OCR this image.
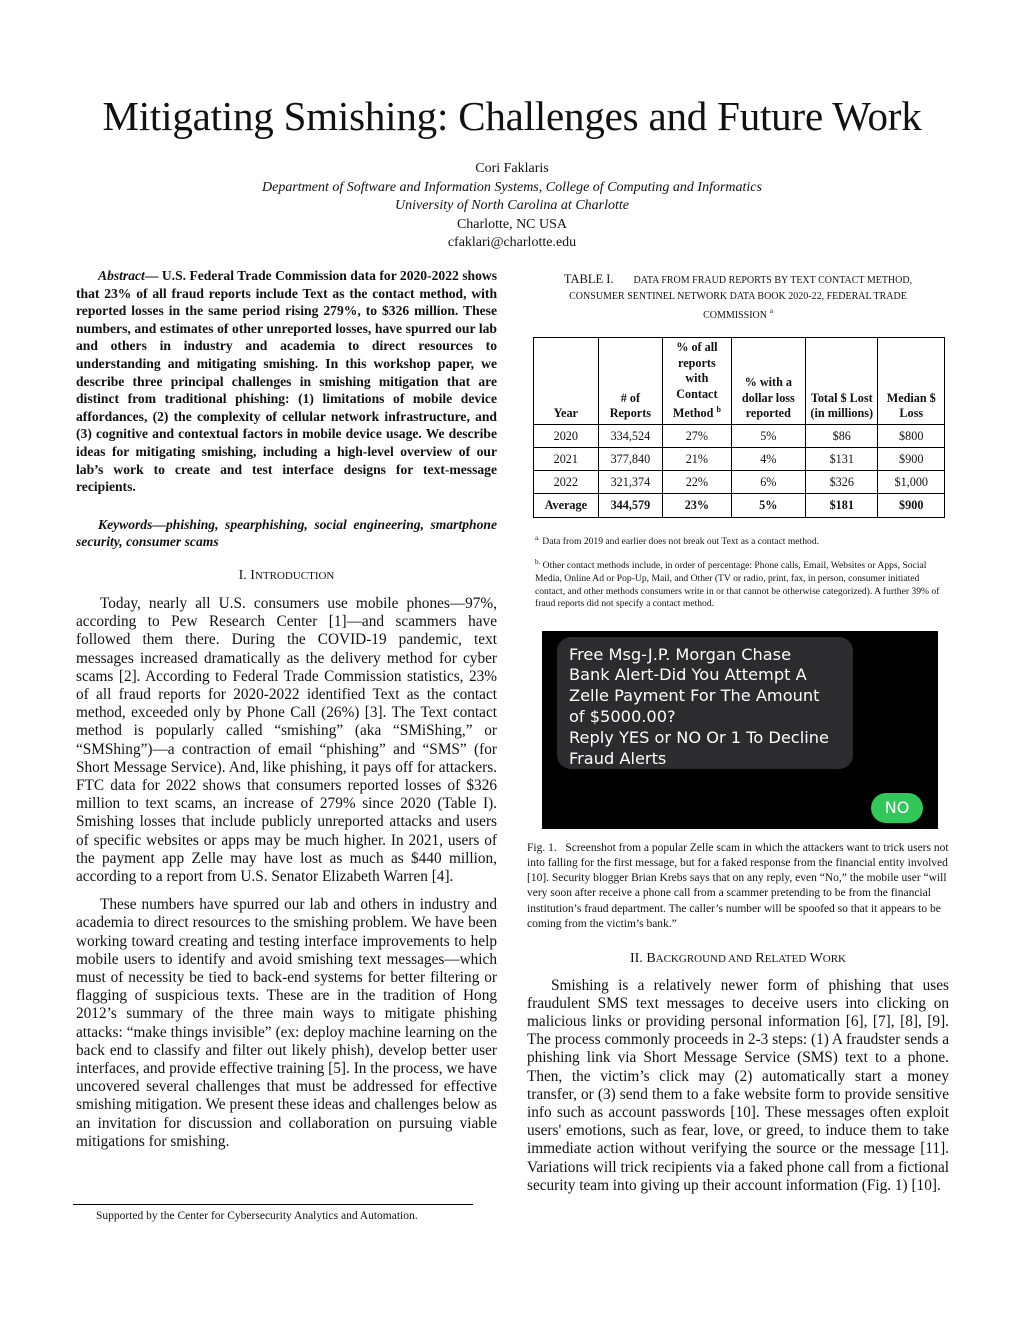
Mitigating Smishing: Challenges and Future Work
Cori Faklaris
Department of Software and Information Systems, College of Computing and Informatics
University of North Carolina at Charlotte
Charlotte, NC USA
cfaklari@charlotte.edu

Abstract— U.S. Federal Trade Commission data for 2020-2022 shows that 23% of all fraud reports include Text as the contact method, with reported losses in the same period rising 279%, to $326 million. These numbers, and estimates of other unreported losses, have spurred our lab and others in industry and academia to direct resources to understanding and mitigating smishing. In this workshop paper, we describe three principal challenges in smishing mitigation that are distinct from traditional phishing: (1) limitations of mobile device affordances, (2) the complexity of cellular network infrastructure, and (3) cognitive and contextual factors in mobile device usage. We describe ideas for mitigating smishing, including a high-level overview of our lab’s work to create and test interface designs for text-message recipients.

Keywords—phishing, spearphishing, social engineering, smartphone security, consumer scams

I. INTRODUCTION

Today, nearly all U.S. consumers use mobile phones—97%, according to Pew Research Center [1]—and scammers have followed them there. During the COVID-19 pandemic, text messages increased dramatically as the delivery method for cyber scams [2]. According to Federal Trade Commission statistics, 23% of all fraud reports for 2020-2022 identified Text as the contact method, exceeded only by Phone Call (26%) [3]. The Text contact method is popularly called “smishing” (aka “SMiShing,” or “SMShing”)—a contraction of email “phishing” and “SMS” (for Short Message Service). And, like phishing, it pays off for attackers. FTC data for 2022 shows that consumers reported losses of $326 million to text scams, an increase of 279% since 2020 (Table I). Smishing losses that include publicly unreported attacks and users of specific websites or apps may be much higher. In 2021, users of the payment app Zelle may have lost as much as $440 million, according to a report from U.S. Senator Elizabeth Warren [4].

These numbers have spurred our lab and others in industry and academia to direct resources to the smishing problem. We have been working toward creating and testing interface improvements to help mobile users to identify and avoid smishing text messages—which must of necessity be tied to back-end systems for better filtering or flagging of suspicious texts. These are in the tradition of Hong 2012’s summary of the three main ways to mitigate phishing attacks: “make things invisible” (ex: deploy machine learning on the back end to classify and filter out likely phish), develop better user interfaces, and provide effective training [5]. In the process, we have uncovered several challenges that must be addressed for effective smishing mitigation. We present these ideas and challenges below as an invitation for discussion and collaboration on pursuing viable mitigations for smishing.

Supported by the Center for Cybersecurity Analytics and Automation.

TABLE I. DATA FROM FRAUD REPORTS BY TEXT CONTACT METHOD,
CONSUMER SENTINEL NETWORK DATA BOOK 2020-22, FEDERAL TRADE
COMMISSION $^a$

Year	# of Reports	% of all reports with Contact Method $^b$	% with a dollar loss reported	Total $ Lost (in millions)	Median $ Loss
2020	334,524	27%	5%	$86	$800
2021	377,840	21%	4%	$131	$900
2022	321,374	22%	6%	$326	$1,000
Average	344,579	23%	5%	$181	$900

$^{a.}$ Data from 2019 and earlier does not break out Text as a contact method.

$^{b.}$ Other contact methods include, in order of percentage: Phone calls, Email, Websites or Apps, Social Media, Online Ad or Pop-Up, Mail, and Other (TV or radio, print, fax, in person, consumer initiated contact, and other methods consumers write in or that cannot be otherwise categorized). A further 39% of fraud reports did not specify a contact method.

Free Msg-J.P. Morgan Chase
Bank Alert-Did You Attempt A
Zelle Payment For The Amount
of $5000.00?
Reply YES or NO Or 1 To Decline
Fraud Alerts
NO

Fig. 1. Screenshot from a popular Zelle scam in which the attackers want to trick users not into falling for the first message, but for a faked response from the financial entity involved [10]. Security blogger Brian Krebs says that on any reply, even “No,” the mobile user “will very soon after receive a phone call from a scammer pretending to be from the financial institution’s fraud department. The caller’s number will be spoofed so that it appears to be coming from the victim’s bank.”

II. BACKGROUND AND RELATED WORK

Smishing is a relatively newer form of phishing that uses fraudulent SMS text messages to deceive users into clicking on malicious links or providing personal information [6], [7], [8], [9]. The process commonly proceeds in 2-3 steps: (1) A fraudster sends a phishing link via Short Message Service (SMS) text to a phone. Then, the victim’s click may (2) automatically start a money transfer, or (3) send them to a fake website form to provide sensitive info such as account passwords [10]. These messages often exploit users' emotions, such as fear, love, or greed, to induce them to take immediate action without verifying the source or the message [11]. Variations will trick recipients via a faked phone call from a fictional security team into giving up their account information (Fig. 1) [10].
